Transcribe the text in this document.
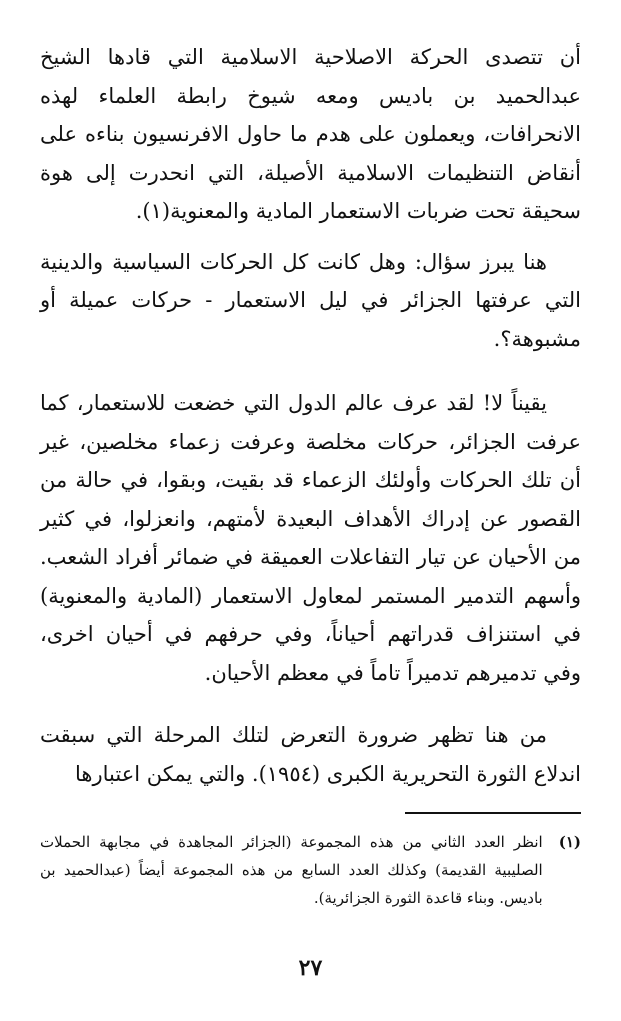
أن تتصدى الحركة الاصلاحية الاسلامية التي قادها الشيخ عبدالحميد بن باديس ومعه شيوخ رابطة العلماء لهذه الانحرافات، ويعملون على هدم ما حاول الافرنسيون بناءه على أنقاض التنظيمات الاسلامية الأصيلة، التي انحدرت إلى هوة سحيقة تحت ضربات الاستعمار المادية والمعنوية(١).

هنا يبرز سؤال: وهل كانت كل الحركات السياسية والدينية التي عرفتها الجزائر في ليل الاستعمار - حركات عميلة أو مشبوهة؟.

يقيناً لا! لقد عرف عالم الدول التي خضعت للاستعمار، كما عرفت الجزائر، حركات مخلصة وعرفت زعماء مخلصين، غير أن تلك الحركات وأولئك الزعماء قد بقيت، وبقوا، في حالة من القصور عن إدراك الأهداف البعيدة لأمتهم، وانعزلوا، في كثير من الأحيان عن تيار التفاعلات العميقة في ضمائر أفراد الشعب. وأسهم التدمير المستمر لمعاول الاستعمار (المادية والمعنوية) في استنزاف قدراتهم أحياناً، وفي حرفهم في أحيان اخرى، وفي تدميرهم تدميراً تاماً في معظم الأحيان.

من هنا تظهر ضرورة التعرض لتلك المرحلة التي سبقت اندلاع الثورة التحريرية الكبرى (١٩٥٤). والتي يمكن اعتبارها

(١)
انظر العدد الثاني من هذه المجموعة (الجزائر المجاهدة في مجابهة الحملات الصليبية القديمة) وكذلك العدد السابع من هذه المجموعة أيضاً (عبدالحميد بن باديس. وبناء قاعدة الثورة الجزائرية).
٢٧
